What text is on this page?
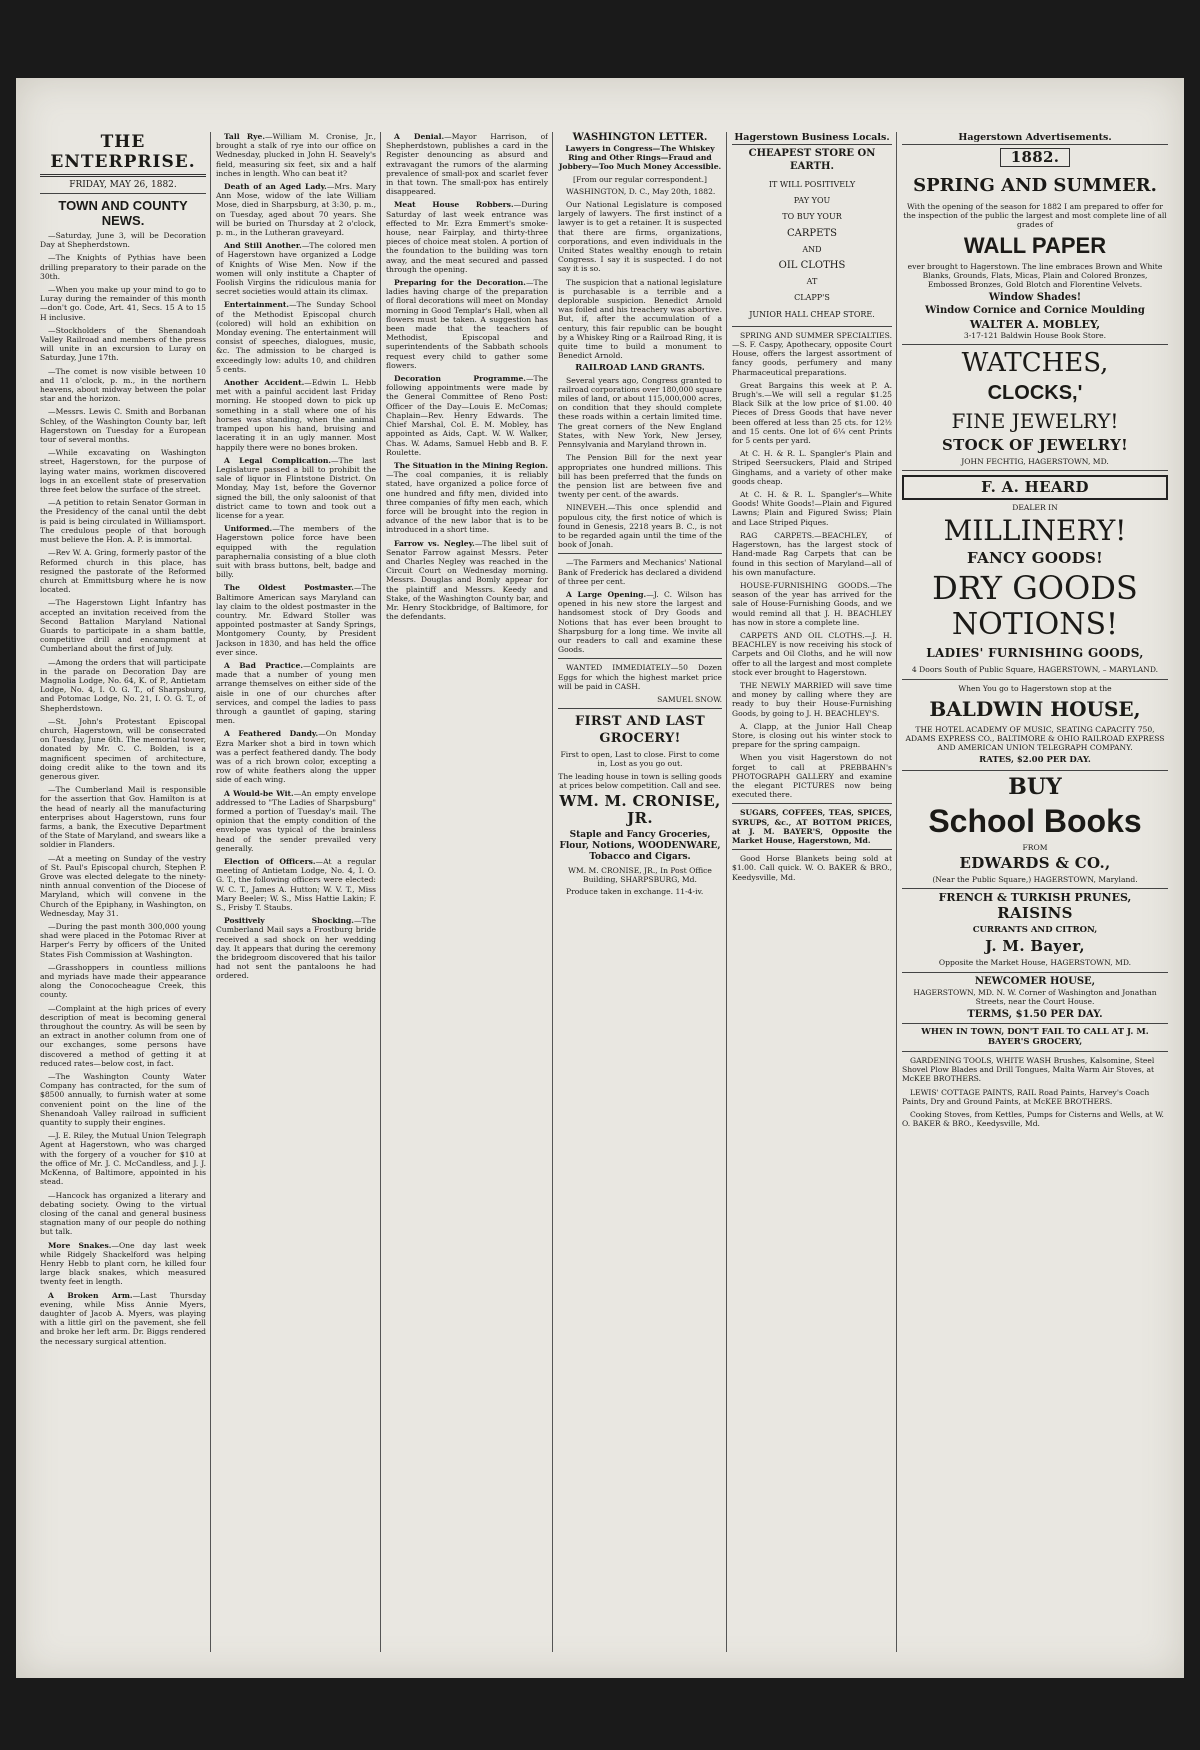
THE ENTERPRISE.
FRIDAY, MAY 26, 1882.
TOWN AND COUNTY NEWS.
—Saturday, June 3, will be Decoration Day at Shepherdstown.
—The Knights of Pythias have been drilling preparatory to their parade on the 30th.
—When you make up your mind to go to Luray during the remainder of this month—don't go. Code, Art. 41, Secs. 15 A to 15 H inclusive.
—Stockholders of the Shenandoah Valley Railroad and members of the press will unite in an excursion to Luray on Saturday, June 17th.
—The comet is now visible between 10 and 11 o'clock, p. m., in the northern heavens, about midway between the polar star and the horizon.
—Messrs. Lewis C. Smith and Borbanan Schley, of the Washington County bar, left Hagerstown on Tuesday for a European tour of several months.
—While excavating on Washington street, Hagerstown, for the purpose of laying water mains, workmen discovered logs in an excellent state of preservation three feet below the surface of the street.
—A petition to retain Senator Gorman in the Presidency of the canal until the debt is paid is being circulated in Williamsport. The credulous people of that borough must believe the Hon. A. P. is immortal.
—Rev W. A. Gring, formerly pastor of the Reformed church in this place, has resigned the pastorate of the Reformed church at Emmittsburg where he is now located.
—The Hagerstown Light Infantry has accepted an invitation received from the Second Battalion Maryland National Guards to participate in a sham battle, competitive drill and encampment at Cumberland about the first of July.
—Among the orders that will participate in the parade on Decoration Day are Magnolia Lodge, No. 64, K. of P., Antietam Lodge, No. 4, I. O. G. T., of Sharpsburg, and Potomac Lodge, No. 21, I. O. G. T., of Shepherdstown.
—St. John's Protestant Episcopal church, Hagerstown, will be consecrated on Tuesday, June 6th. The memorial tower, donated by Mr. C. C. Bolden, is a magnificent specimen of architecture, doing credit alike to the town and its generous giver.
—The Cumberland Mail is responsible for the assertion that Gov. Hamilton is at the head of nearly all the manufacturing enterprises about Hagerstown, runs four farms, a bank, the Executive Department of the State of Maryland, and swears like a soldier in Flanders.
—At a meeting on Sunday of the vestry of St. Paul's Episcopal church, Stephen P. Grove was elected delegate to the ninety-ninth annual convention of the Diocese of Maryland, which will convene in the Church of the Epiphany, in Washington, on Wednesday, May 31.
—During the past month 300,000 young shad were placed in the Potomac River at Harper's Ferry by officers of the United States Fish Commission at Washington.
—Grasshoppers in countless millions and myriads have made their appearance along the Conococheague Creek, this county.
—Complaint at the high prices of every description of meat is becoming general throughout the country. As will be seen by an extract in another column from one of our exchanges, some persons have discovered a method of getting it at reduced rates—below cost, in fact.
—The Washington County Water Company has contracted, for the sum of $8500 annually, to furnish water at some convenient point on the line of the Shenandoah Valley railroad in sufficient quantity to supply their engines.
—J. E. Riley, the Mutual Union Telegraph Agent at Hagerstown, who was charged with the forgery of a voucher for $10 at the office of Mr. J. C. McCandless, and J. J. McKenna, of Baltimore, appointed in his stead.
—Hancock has organized a literary and debating society. Owing to the virtual closing of the canal and general business stagnation many of our people do nothing but talk.
More Snakes.—One day last week while Ridgely Shackelford was helping Henry Hebb to plant corn, he killed four large black snakes, which measured twenty feet in length.
A Broken Arm.—Last Thursday evening, while Miss Annie Myers, daughter of Jacob A. Myers, was playing with a little girl on the pavement, she fell and broke her left arm. Dr. Biggs rendered the necessary surgical attention.
Tall Rye.—William M. Cronise, Jr., brought a stalk of rye into our office on Wednesday, plucked in John H. Seavely's field, measuring six feet, six and a half inches in length. Who can beat it?
Death of an Aged Lady.—Mrs. Mary Ann Mose, widow of the late William Mose, died in Sharpsburg, at 3:30, p. m., on Tuesday, aged about 70 years. She will be buried on Thursday at 2 o'clock, p. m., in the Lutheran graveyard.
And Still Another.—The colored men of Hagerstown have organized a Lodge of Knights of Wise Men. Now if the women will only institute a Chapter of Foolish Virgins the ridiculous mania for secret societies would attain its climax.
Entertainment.—The Sunday School of the Methodist Episcopal church (colored) will hold an exhibition on Monday evening. The entertainment will consist of speeches, dialogues, music, &c. The admission to be charged is exceedingly low: adults 10, and children 5 cents.
Another Accident.—Edwin L. Hebb met with a painful accident last Friday morning. He stooped down to pick up something in a stall where one of his horses was standing, when the animal tramped upon his hand, bruising and lacerating it in an ugly manner. Most happily there were no bones broken.
A Legal Complication.—The last Legislature passed a bill to prohibit the sale of liquor in Flintstone District. On Monday, May 1st, before the Governor signed the bill, the only saloonist of that district came to town and took out a license for a year.
Uniformed.—The members of the Hagerstown police force have been equipped with the regulation paraphernalia consisting of a blue cloth suit with brass buttons, belt, badge and billy.
The Oldest Postmaster.—The Baltimore American says Maryland can lay claim to the oldest postmaster in the country. Mr. Edward Stoller was appointed postmaster at Sandy Springs, Montgomery County, by President Jackson in 1830, and has held the office ever since.
A Bad Practice.—Complaints are made that a number of young men arrange themselves on either side of the aisle in one of our churches after services, and compel the ladies to pass through a gauntlet of gaping, staring men.
A Feathered Dandy.—On Monday Ezra Marker shot a bird in town which was a perfect feathered dandy. The body was of a rich brown color, excepting a row of white feathers along the upper side of each wing.
A Would-be Wit.—An empty envelope addressed to "The Ladies of Sharpsburg" formed a portion of Tuesday's mail. The opinion that the empty condition of the envelope was typical of the brainless head of the sender prevailed very generally.
Election of Officers.—At a regular meeting of Antietam Lodge, No. 4, I. O. G. T., the following officers were elected: W. C. T., James A. Hutton; W. V. T., Miss Mary Beeler; W. S., Miss Hattie Lakin; F. S., Frisby T. Staubs.
Positively Shocking.—The Cumberland Mail says a Frostburg bride received a sad shock on her wedding day. It appears that during the ceremony the bridegroom discovered that his tailor had not sent the pantaloons he had ordered.
A Denial.—Mayor Harrison, of Shepherdstown, publishes a card in the Register denouncing as absurd and extravagant the rumors of the alarming prevalence of small-pox and scarlet fever in that town. The small-pox has entirely disappeared.
Meat House Robbers.—During Saturday of last week entrance was effected to Mr. Ezra Emmert's smoke-house, near Fairplay, and thirty-three pieces of choice meat stolen. A portion of the foundation to the building was torn away, and the meat secured and passed through the opening.
Preparing for the Decoration.—The ladies having charge of the preparation of floral decorations will meet on Monday morning in Good Templar's Hall, when all flowers must be taken. A suggestion has been made that the teachers of Methodist, Episcopal and superintendents of the Sabbath schools request every child to gather some flowers.
Decoration Programme.—The following appointments were made by the General Committee of Reno Post: Officer of the Day—Louis E. McComas; Chaplain—Rev. Henry Edwards. The Chief Marshal, Col. E. M. Mobley, has appointed as Aids, Capt. W. W. Walker, Chas. W. Adams, Samuel Hebb and B. F. Roulette.
The Situation in the Mining Region.—The coal companies, it is reliably stated, have organized a police force of one hundred and fifty men, divided into three companies of fifty men each, which force will be brought into the region in advance of the new labor that is to be introduced in a short time.
Farrow vs. Negley.—The libel suit of Senator Farrow against Messrs. Peter and Charles Negley was reached in the Circuit Court on Wednesday morning. Messrs. Douglas and Bomly appear for the plaintiff and Messrs. Keedy and Stake, of the Washington County bar, and Mr. Henry Stockbridge, of Baltimore, for the defendants.
WASHINGTON LETTER.
Lawyers in Congress—The Whiskey Ring and Other Rings—Fraud and Jobbery—Too Much Money Accessible.
[From our regular correspondent.]
WASHINGTON, D. C., May 20th, 1882.
Our National Legislature is composed largely of lawyers. The first instinct of a lawyer is to get a retainer. It is suspected that there are firms, organizations, corporations, and even individuals in the United States wealthy enough to retain Congress. I say it is suspected. I do not say it is so.
The suspicion that a national legislature is purchasable is a terrible and a deplorable suspicion. Benedict Arnold was foiled and his treachery was abortive. But, if, after the accumulation of a century, this fair republic can be bought by a Whiskey Ring or a Railroad Ring, it is quite time to build a monument to Benedict Arnold.
RAILROAD LAND GRANTS.
Several years ago, Congress granted to railroad corporations over 180,000 square miles of land, or about 115,000,000 acres, on condition that they should complete these roads within a certain limited time. The great corners of the New England States, with New York, New Jersey, Pennsylvania and Maryland thrown in.
The Pension Bill for the next year appropriates one hundred millions. This bill has been preferred that the funds on the pension list are between five and twenty per cent. of the awards.
NINEVEH.—This once splendid and populous city, the first notice of which is found in Genesis, 2218 years B. C., is not to be regarded again until the time of the book of Jonah.
—The Farmers and Mechanics' National Bank of Frederick has declared a dividend of three per cent.
A Large Opening.—J. C. Wilson has opened in his new store the largest and handsomest stock of Dry Goods and Notions that has ever been brought to Sharpsburg for a long time. We invite all our readers to call and examine these Goods.
WANTED IMMEDIATELY—50 Dozen Eggs for which the highest market price will be paid in CASH.
SAMUEL SNOW.
FIRST AND LAST GROCERY!
First to open, Last to close. First to come in, Lost as you go out.
The leading house in town is selling goods at prices below competition. Call and see.
WM. M. CRONISE, JR.
Staple and Fancy Groceries, Flour, Notions, WOODENWARE, Tobacco and Cigars.
WM. M. CRONISE, JR., In Post Office Building, SHARPSBURG, Md.
Produce taken in exchange. 11-4-iv.
Hagerstown Business Locals.
CHEAPEST STORE ON EARTH.
IT WILL POSITIVELY
PAY YOU
TO BUY YOUR
CARPETS
AND
OIL CLOTHS
AT
CLAPP'S
JUNIOR HALL CHEAP STORE.
SPRING AND SUMMER SPECIALTIES.—S. F. Caspy, Apothecary, opposite Court House, offers the largest assortment of fancy goods, perfumery and many Pharmaceutical preparations.
Great Bargains this week at P. A. Brugh's.—We will sell a regular $1.25 Black Silk at the low price of $1.00. 40 Pieces of Dress Goods that have never been offered at less than 25 cts. for 12½ and 15 cents. One lot of 6¼ cent Prints for 5 cents per yard.
At C. H. & R. L. Spangler's Plain and Striped Seersuckers, Plaid and Striped Ginghams, and a variety of other make goods cheap.
At C. H. & R. L. Spangler's—White Goods! White Goods!—Plain and Figured Lawns; Plain and Figured Swiss; Plain and Lace Striped Piques.
RAG CARPETS.—BEACHLEY, of Hagerstown, has the largest stock of Hand-made Rag Carpets that can be found in this section of Maryland—all of his own manufacture.
HOUSE-FURNISHING GOODS.—The season of the year has arrived for the sale of House-Furnishing Goods, and we would remind all that J. H. BEACHLEY has now in store a complete line.
CARPETS AND OIL CLOTHS.—J. H. BEACHLEY is now receiving his stock of Carpets and Oil Cloths, and he will now offer to all the largest and most complete stock ever brought to Hagerstown.
THE NEWLY MARRIED will save time and money by calling where they are ready to buy their House-Furnishing Goods, by going to J. H. BEACHLEY'S.
A. Clapp, at the Junior Hall Cheap Store, is closing out his winter stock to prepare for the spring campaign.
When you visit Hagerstown do not forget to call at PREBBAHN's PHOTOGRAPH GALLERY and examine the elegant PICTURES now being executed there.
SUGARS, COFFEES, TEAS, SPICES, SYRUPS, &c., AT BOTTOM PRICES, at J. M. BAYER'S, Opposite the Market House, Hagerstown, Md.
Good Horse Blankets being sold at $1.00. Call quick. W. O. BAKER & BRO., Keedysville, Md.
Hagerstown Advertisements.
1882.
SPRING AND SUMMER.
With the opening of the season for 1882 I am prepared to offer for the inspection of the public the largest and most complete line of all grades of
WALL PAPER
ever brought to Hagerstown. The line embraces Brown and White Blanks, Grounds, Flats, Micas, Plain and Colored Bronzes, Embossed Bronzes, Gold Blotch and Florentine Velvets.
Window Shades!
Window Cornice and Cornice Moulding
WALTER A. MOBLEY,
3-17-121 Baldwin House Book Store.
WATCHES,
CLOCKS,'
FINE JEWELRY!
STOCK OF JEWELRY!
JOHN FECHTIG, HAGERSTOWN, MD.
F. A. HEARD
DEALER IN
MILLINERY!
FANCY GOODS!
DRY GOODS
NOTIONS!
LADIES' FURNISHING GOODS,
4 Doors South of Public Square, HAGERSTOWN, – MARYLAND.
When You go to Hagerstown stop at the
BALDWIN HOUSE,
THE HOTEL ACADEMY OF MUSIC, SEATING CAPACITY 750, ADAMS EXPRESS CO., BALTIMORE & OHIO RAILROAD EXPRESS AND AMERICAN UNION TELEGRAPH COMPANY.
RATES, $2.00 PER DAY.
BUY
School Books
FROM
EDWARDS & CO.,
(Near the Public Square,) HAGERSTOWN, Maryland.
FRENCH & TURKISH PRUNES,
RAISINS
CURRANTS AND CITRON,
J. M. Bayer,
Opposite the Market House, HAGERSTOWN, MD.
NEWCOMER HOUSE,
HAGERSTOWN, MD. N. W. Corner of Washington and Jonathan Streets, near the Court House.
TERMS, $1.50 PER DAY.
WHEN IN TOWN, DON'T FAIL TO CALL AT J. M. BAYER'S GROCERY,
GARDENING TOOLS, WHITE WASH Brushes, Kalsomine, Steel Shovel Plow Blades and Drill Tongues, Malta Warm Air Stoves, at McKEE BROTHERS.
LEWIS' COTTAGE PAINTS, RAIL Road Paints, Harvey's Coach Paints, Dry and Ground Paints, at McKEE BROTHERS.
Cooking Stoves, from Kettles, Pumps for Cisterns and Wells, at W. O. BAKER & BRO., Keedysville, Md.
